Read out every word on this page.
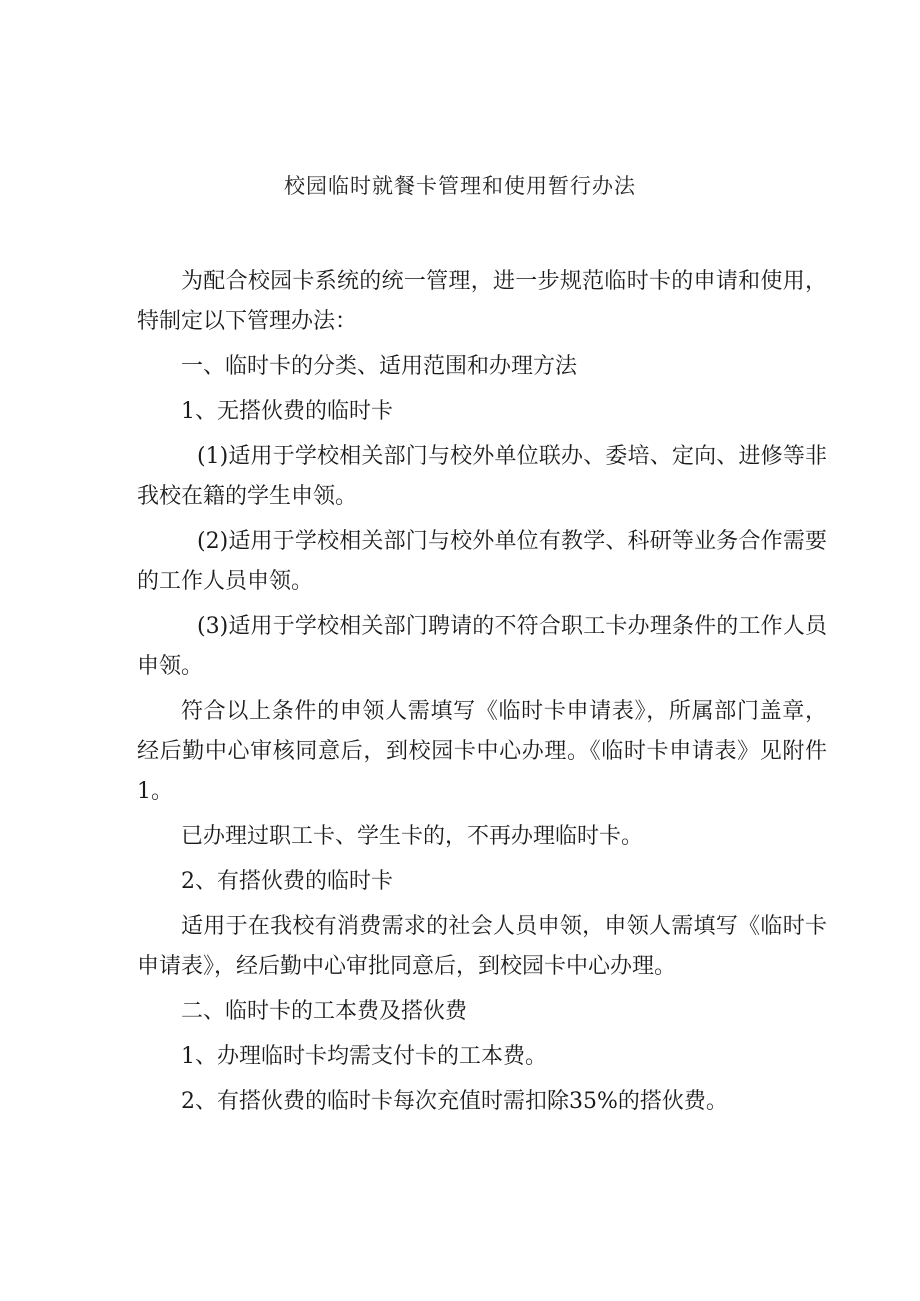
校园临时就餐卡管理和使用暂行办法

为配合校园卡系统的统一管理，进一步规范临时卡的申请和使用，特制定以下管理办法：

一、临时卡的分类、适用范围和办理方法

1、无搭伙费的临时卡

(1)适用于学校相关部门与校外单位联办、委培、定向、进修等非我校在籍的学生申领。

(2)适用于学校相关部门与校外单位有教学、科研等业务合作需要的工作人员申领。

(3)适用于学校相关部门聘请的不符合职工卡办理条件的工作人员申领。

符合以上条件的申领人需填写《临时卡申请表》，所属部门盖章，经后勤中心审核同意后，到校园卡中心办理。《临时卡申请表》见附件1。

已办理过职工卡、学生卡的，不再办理临时卡。

2、有搭伙费的临时卡

适用于在我校有消费需求的社会人员申领，申领人需填写《临时卡申请表》，经后勤中心审批同意后，到校园卡中心办理。

二、临时卡的工本费及搭伙费

1、办理临时卡均需支付卡的工本费。

2、有搭伙费的临时卡每次充值时需扣除35%的搭伙费。
